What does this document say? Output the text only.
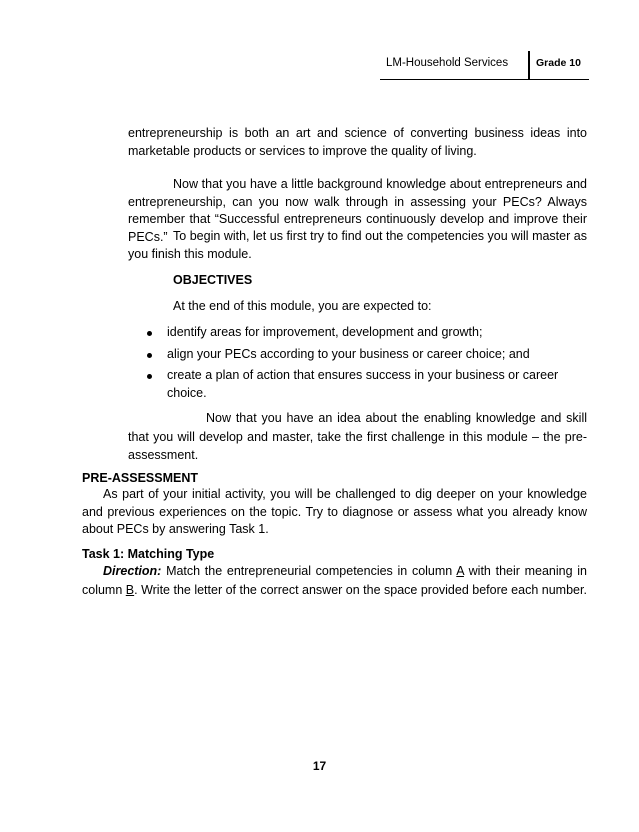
LM-Household Services	Grade 10

entrepreneurship is both an art and science of converting business ideas into marketable products or services to improve the quality of living.

Now that you have a little background knowledge about entrepreneurs and entrepreneurship, can you now walk through in assessing your PECs? Always remember that “Successful entrepreneurs continuously develop and improve their PECs.” To begin with, let us first try to find out the competencies you will master as you finish this module.

OBJECTIVES
At the end of this module, you are expected to:
identify areas for improvement, development and growth;
align your PECs according to your business or career choice; and
create a plan of action that ensures success in your business or career choice.

Now that you have an idea about the enabling knowledge and skill that you will develop and master, take the first challenge in this module – the pre-assessment.

PRE-ASSESSMENT

As part of your initial activity, you will be challenged to dig deeper on your knowledge and previous experiences on the topic. Try to diagnose or assess what you already know about PECs by answering Task 1.

Task 1: Matching Type

Direction: Match the entrepreneurial competencies in column A with their meaning in column B. Write the letter of the correct answer on the space provided before each number.

17
